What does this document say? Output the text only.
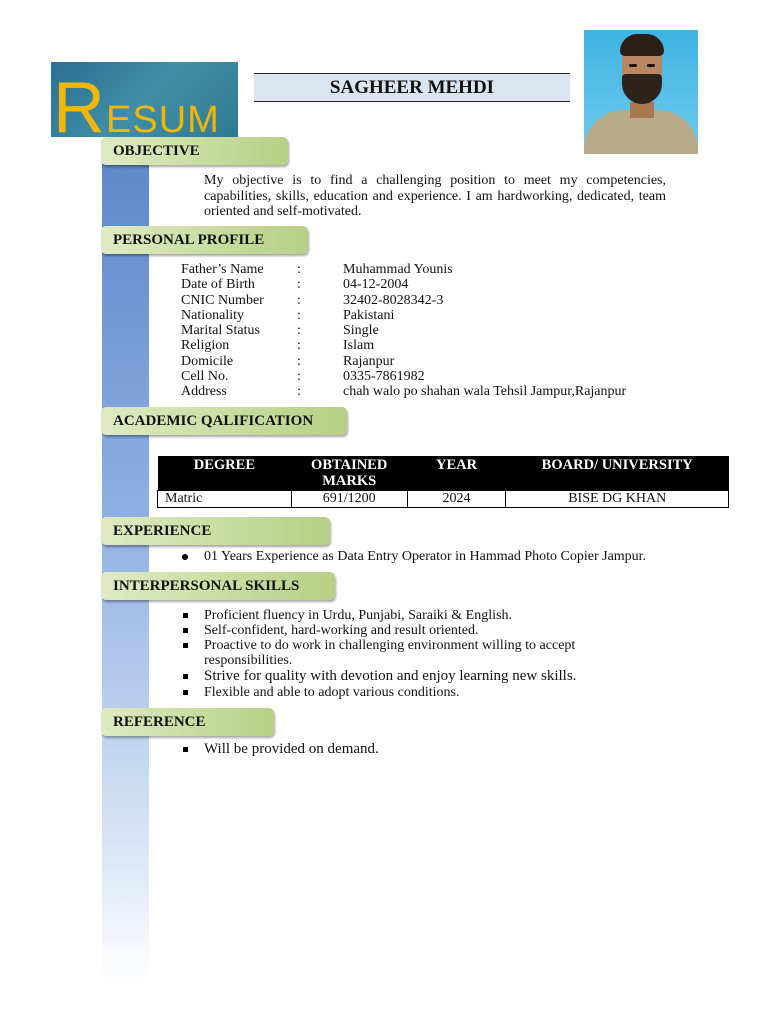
RESUM
SAGHEER MEHDI
OBJECTIVE
My objective is to find a challenging position to meet my competencies, capabilities, skills, education and experience. I am hardworking, dedicated, team oriented and self-motivated.
PERSONAL PROFILE
Father’s Name	:	Muhammad Younis
Date of Birth	:	04-12-2004
CNIC Number	:	32402-8028342-3
Nationality	:	Pakistani
Marital Status	:	Single
Religion	:	Islam
Domicile	:	Rajanpur
Cell No.	:	0335-7861982
Address	:	chah walo po shahan wala Tehsil Jampur,Rajanpur
ACADEMIC QALIFICATION
DEGREE	OBTAINED MARKS	YEAR	BOARD/ UNIVERSITY
Matric	691/1200	2024	BISE DG KHAN
EXPERIENCE
01 Years Experience as Data Entry Operator in Hammad Photo Copier Jampur.
INTERPERSONAL SKILLS
Proficient fluency in Urdu, Punjabi, Saraiki & English.
Self-confident, hard-working and result oriented.
Proactive to do work in challenging environment willing to accept responsibilities.
Strive for quality with devotion and enjoy learning new skills.
Flexible and able to adopt various conditions.
REFERENCE
Will be provided on demand.
